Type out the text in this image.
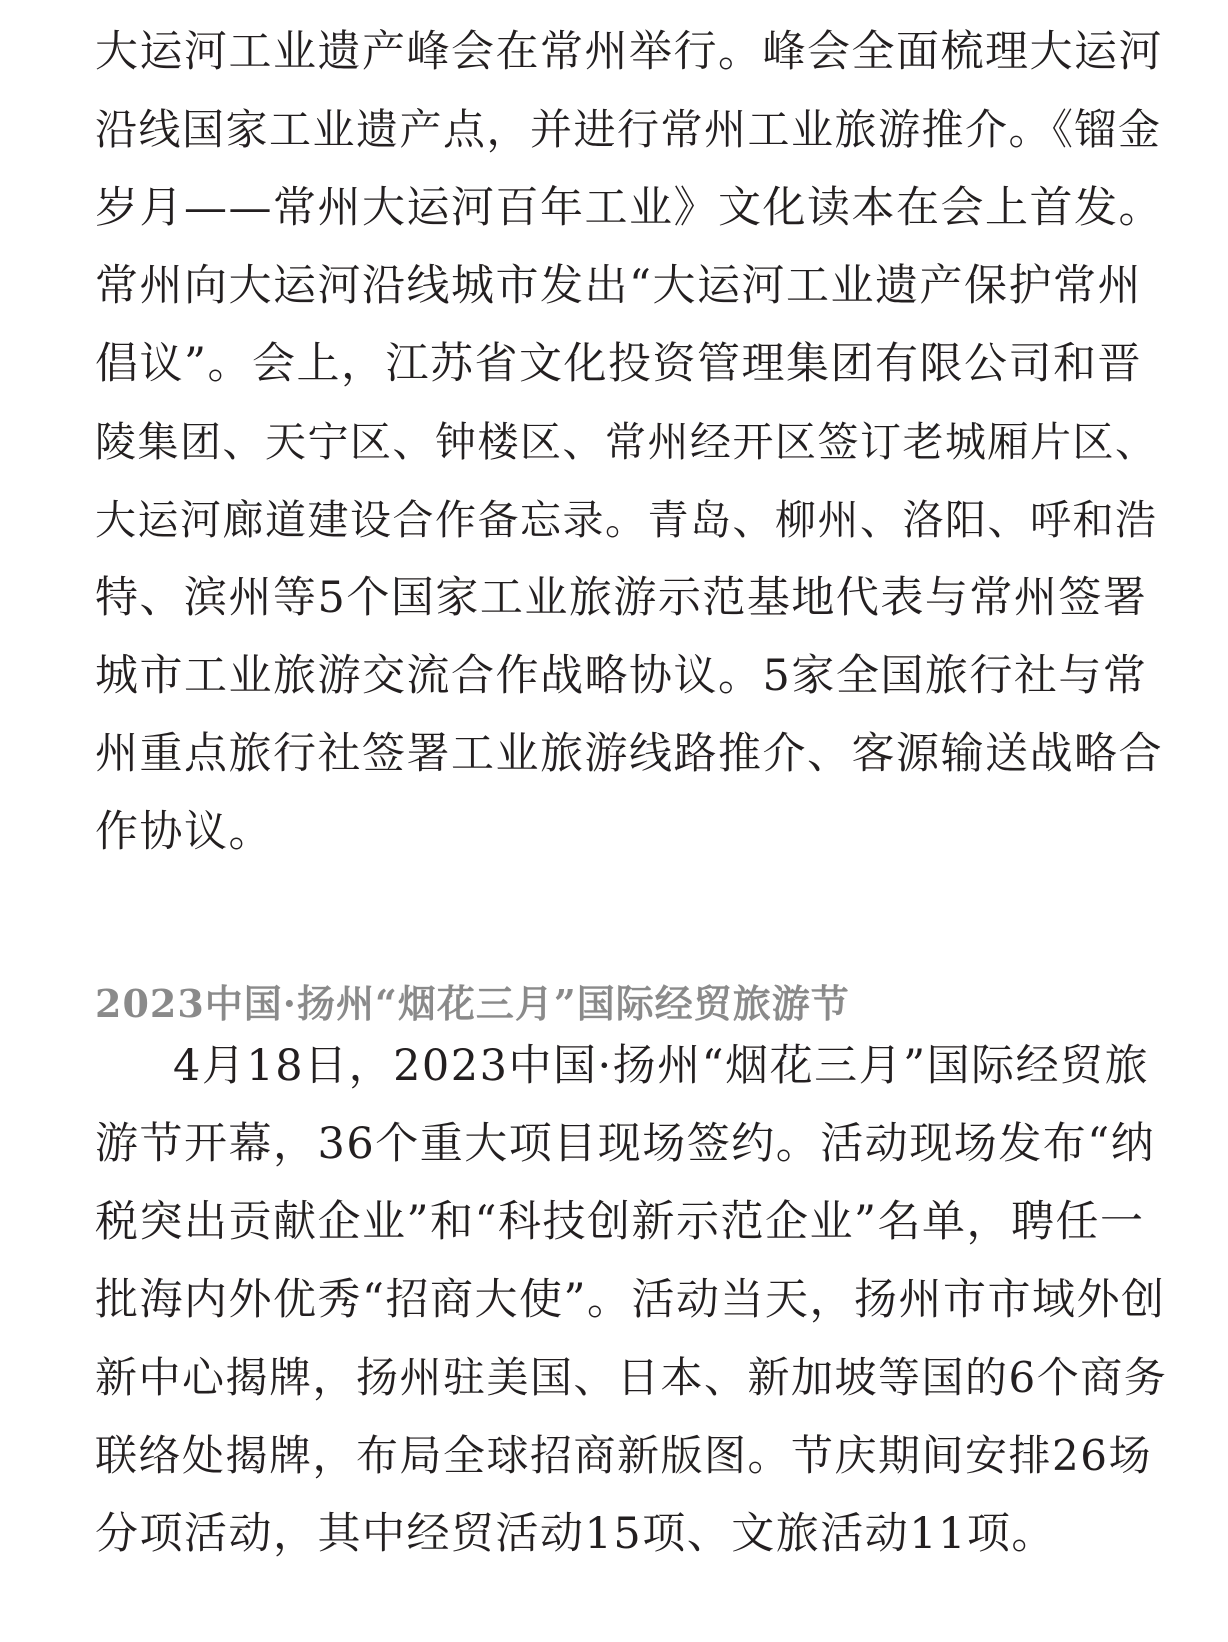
大运河工业遗产峰会在常州举行。峰会全面梳理大运河
沿线国家工业遗产点，并进行常州工业旅游推介。《镏金
岁月——常州大运河百年工业》文化读本在会上首发。
常州向大运河沿线城市发出“大运河工业遗产保护常州
倡议”。会上，江苏省文化投资管理集团有限公司和晋
陵集团、天宁区、钟楼区、常州经开区签订老城厢片区、
大运河廊道建设合作备忘录。青岛、柳州、洛阳、呼和浩
特、滨州等5个国家工业旅游示范基地代表与常州签署
城市工业旅游交流合作战略协议。5家全国旅行社与常
州重点旅行社签署工业旅游线路推介、客源输送战略合
作协议。
2023中国·扬州“烟花三月”国际经贸旅游节
4月18日，2023中国·扬州“烟花三月”国际经贸旅
游节开幕，36个重大项目现场签约。活动现场发布“纳
税突出贡献企业”和“科技创新示范企业”名单，聘任一
批海内外优秀“招商大使”。活动当天，扬州市市域外创
新中心揭牌，扬州驻美国、日本、新加坡等国的6个商务
联络处揭牌，布局全球招商新版图。节庆期间安排26场
分项活动，其中经贸活动15项、文旅活动11项。
